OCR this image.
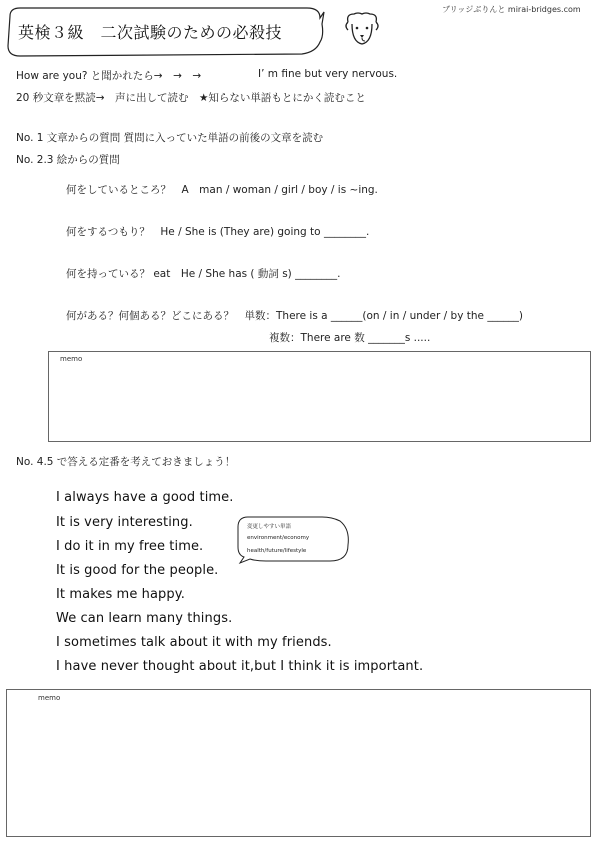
英検３級　二次試験のための必殺技
ブリッジぶりんと mirai-bridges.com
How are you? と聞かれたら→　→　→	I’ m fine but very nervous.
20 秒文章を黙読→　声に出して読む　★知らない単語もとにかく読むこと
No. 1 文章からの質問 質問に入っていた単語の前後の文章を読む
No. 2.3 絵からの質問
何をしているところ？　A　man / woman / girl / boy / is ~ing.
何をするつもり？　He / She is (They are) going to ________.
何を持っている？ eat　He / She has ( 動詞 s) ________.
何がある？何個ある？どこにある？　単数：There is a ______(on / in / under / by the ______)
複数：There are 数 _______s .....
memo
No. 4.5 で答える定番を考えておきましょう！
I always have a good time.
It is very interesting.
I do it in my free time.
It is good for the people.
It makes me happy.
We can learn many things.
I sometimes talk about it with my friends.
I have never thought about it,but I think it is important.
変更しやすい単語
environment/economy
health/future/lifestyle
memo
